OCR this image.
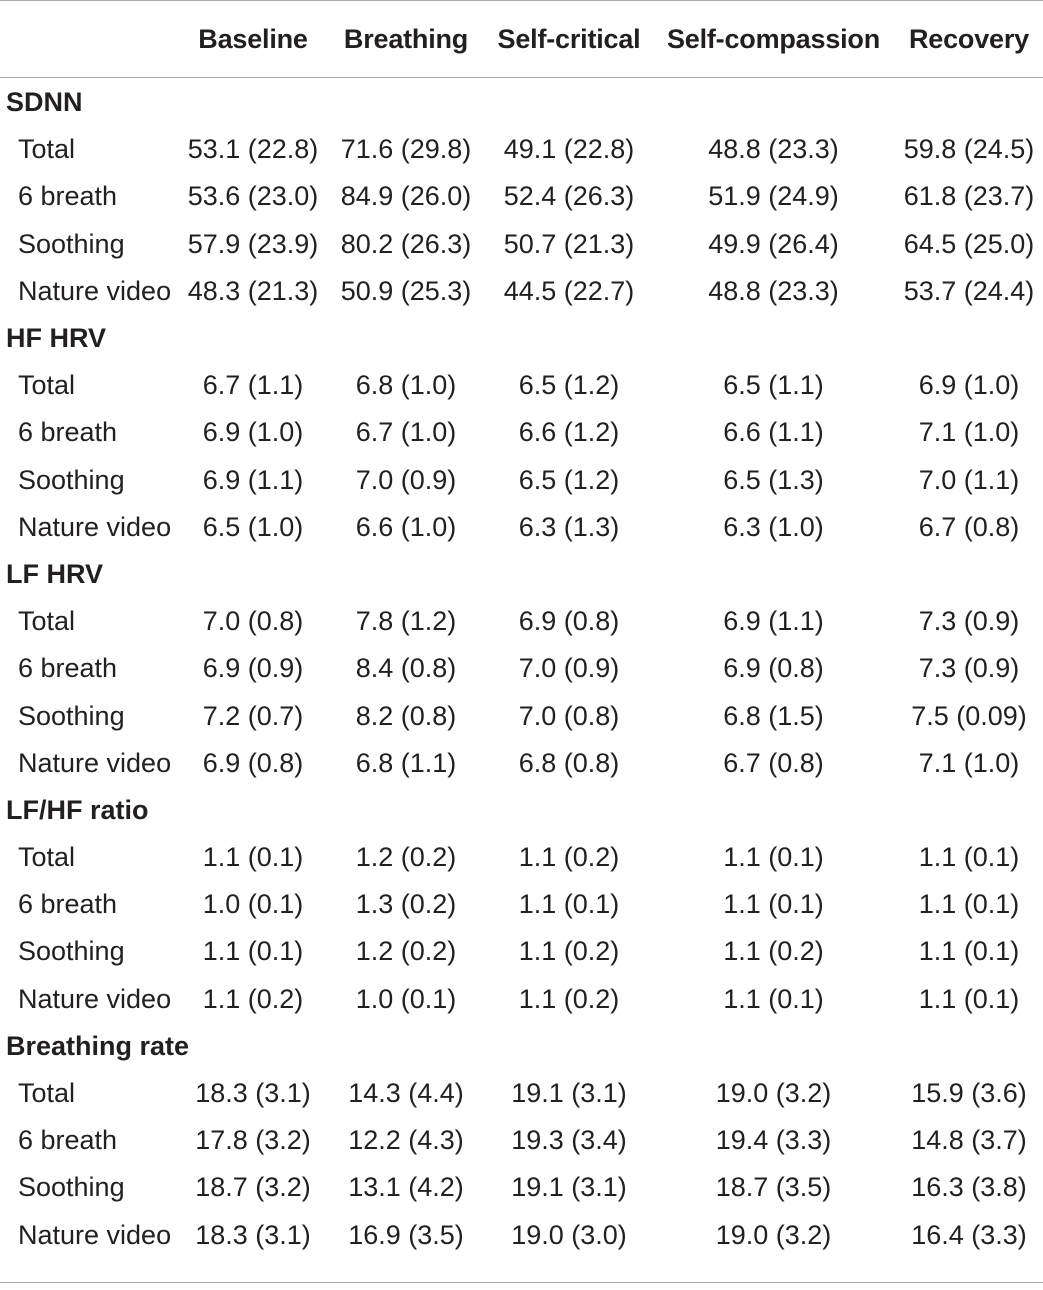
	Baseline	Breathing	Self-critical	Self-compassion	Recovery
SDNN					
Total	53.1 (22.8)	71.6 (29.8)	49.1 (22.8)	48.8 (23.3)	59.8 (24.5)
6 breath	53.6 (23.0)	84.9 (26.0)	52.4 (26.3)	51.9 (24.9)	61.8 (23.7)
Soothing	57.9 (23.9)	80.2 (26.3)	50.7 (21.3)	49.9 (26.4)	64.5 (25.0)
Nature video	48.3 (21.3)	50.9 (25.3)	44.5 (22.7)	48.8 (23.3)	53.7 (24.4)
HF HRV					
Total	6.7 (1.1)	6.8 (1.0)	6.5 (1.2)	6.5 (1.1)	6.9 (1.0)
6 breath	6.9 (1.0)	6.7 (1.0)	6.6 (1.2)	6.6 (1.1)	7.1 (1.0)
Soothing	6.9 (1.1)	7.0 (0.9)	6.5 (1.2)	6.5 (1.3)	7.0 (1.1)
Nature video	6.5 (1.0)	6.6 (1.0)	6.3 (1.3)	6.3 (1.0)	6.7 (0.8)
LF HRV					
Total	7.0 (0.8)	7.8 (1.2)	6.9 (0.8)	6.9 (1.1)	7.3 (0.9)
6 breath	6.9 (0.9)	8.4 (0.8)	7.0 (0.9)	6.9 (0.8)	7.3 (0.9)
Soothing	7.2 (0.7)	8.2 (0.8)	7.0 (0.8)	6.8 (1.5)	7.5 (0.09)
Nature video	6.9 (0.8)	6.8 (1.1)	6.8 (0.8)	6.7 (0.8)	7.1 (1.0)
LF/HF ratio					
Total	1.1 (0.1)	1.2 (0.2)	1.1 (0.2)	1.1 (0.1)	1.1 (0.1)
6 breath	1.0 (0.1)	1.3 (0.2)	1.1 (0.1)	1.1 (0.1)	1.1 (0.1)
Soothing	1.1 (0.1)	1.2 (0.2)	1.1 (0.2)	1.1 (0.2)	1.1 (0.1)
Nature video	1.1 (0.2)	1.0 (0.1)	1.1 (0.2)	1.1 (0.1)	1.1 (0.1)
Breathing rate					
Total	18.3 (3.1)	14.3 (4.4)	19.1 (3.1)	19.0 (3.2)	15.9 (3.6)
6 breath	17.8 (3.2)	12.2 (4.3)	19.3 (3.4)	19.4 (3.3)	14.8 (3.7)
Soothing	18.7 (3.2)	13.1 (4.2)	19.1 (3.1)	18.7 (3.5)	16.3 (3.8)
Nature video	18.3 (3.1)	16.9 (3.5)	19.0 (3.0)	19.0 (3.2)	16.4 (3.3)
